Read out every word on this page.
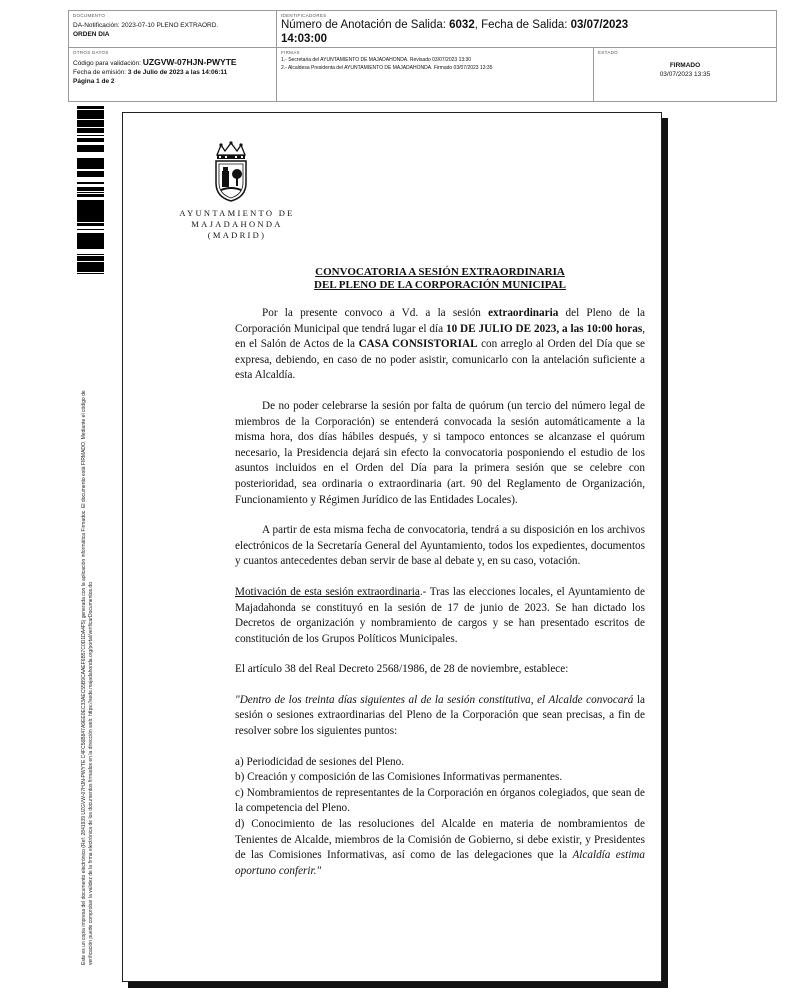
DOCUMENTO
DA-Notificación: 2023-07-10 PLENO EXTRAORD.
ORDEN DIA
IDENTIFICADORES
Número de Anotación de Salida: 6032, Fecha de Salida: 03/07/2023
14:03:00
OTROS DATOS
Código para validación: UZGVW-07HJN-PWYTE
Fecha de emisión: 3 de Julio de 2023 a las 14:06:11
Página 1 de 2
FIRMAS
1.- Secretaria del AYUNTAMIENTO DE MAJADAHONDA. Revisado 03/07/2023 13:30
2.- Alcaldesa Presidenta del AYUNTAMIENTO DE MAJADAHONDA. Firmado 03/07/2023 13:35
ESTADO
FIRMADO
03/07/2023 13:35
Este es un copia impresa del documento electrónico (Ref: 2841939 UZGVW-07HJN-PWYTE C4FC56B847A9EE0EC33AEC55B9CAAEF6B57C0D1DA4F5) generada con la aplicación informática Firmadoc. El documento está FIRMADO. Mediante el código de
verificación puede comprobar la validez de la firma electrónica de los documentos firmados en la dirección web: https://sede.majadahonda.org/portal/verificarDocumentos.do
AYUNTAMIENTO DE
MAJADAHONDA
(MADRID)
CONVOCATORIA A SESIÓN EXTRAORDINARIA
DEL PLENO DE LA CORPORACIÓN MUNICIPAL

Por la presente convoco a Vd. a la sesión extraordinaria del Pleno de la Corporación Municipal que tendrá lugar el día 10 DE JULIO DE 2023, a las 10:00 horas, en el Salón de Actos de la CASA CONSISTORIAL con arreglo al Orden del Día que se expresa, debiendo, en caso de no poder asistir, comunicarlo con la antelación suficiente a esta Alcaldía.

De no poder celebrarse la sesión por falta de quórum (un tercio del número legal de miembros de la Corporación) se entenderá convocada la sesión automáticamente a la misma hora, dos días hábiles después, y si tampoco entonces se alcanzase el quórum necesario, la Presidencia dejará sin efecto la convocatoria posponiendo el estudio de los asuntos incluidos en el Orden del Día para la primera sesión que se celebre con posterioridad, sea ordinaria o extraordinaria (art. 90 del Reglamento de Organización, Funcionamiento y Régimen Jurídico de las Entidades Locales).

A partir de esta misma fecha de convocatoria, tendrá a su disposición en los archivos electrónicos de la Secretaría General del Ayuntamiento, todos los expedientes, documentos y cuantos antecedentes deban servir de base al debate y, en su caso, votación.

Motivación de esta sesión extraordinaria.- Tras las elecciones locales, el Ayuntamiento de Majadahonda se constituyó en la sesión de 17 de junio de 2023. Se han dictado los Decretos de organización y nombramiento de cargos y se han presentado escritos de constitución de los Grupos Políticos Municipales.

El artículo 38 del Real Decreto 2568/1986, de 28 de noviembre, establece:

"Dentro de los treinta días siguientes al de la sesión constitutiva, el Alcalde convocará la sesión o sesiones extraordinarias del Pleno de la Corporación que sean precisas, a fin de resolver sobre los siguientes puntos:

a) Periodicidad de sesiones del Pleno.

b) Creación y composición de las Comisiones Informativas permanentes.

c) Nombramientos de representantes de la Corporación en órganos colegiados, que sean de la competencia del Pleno.

d) Conocimiento de las resoluciones del Alcalde en materia de nombramientos de Tenientes de Alcalde, miembros de la Comisión de Gobierno, si debe existir, y Presidentes de las Comisiones Informativas, así como de las delegaciones que la Alcaldía estima oportuno conferir."
